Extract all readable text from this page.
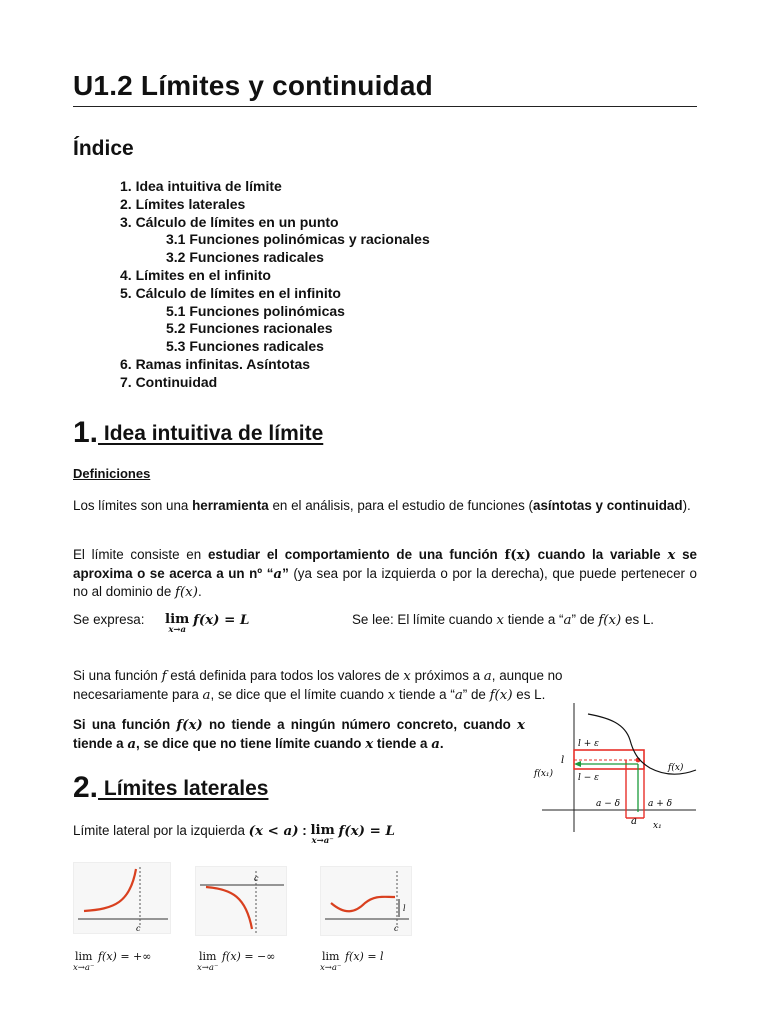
U1.2 Límites y continuidad
Índice
1. Idea intuitiva de límite
2. Límites laterales
3. Cálculo de límites en un punto
3.1 Funciones polinómicas y racionales
3.2 Funciones radicales
4. Límites en el infinito
5. Cálculo de límites en el infinito
5.1 Funciones polinómicas
5.2 Funciones racionales
5.3 Funciones radicales
6. Ramas infinitas. Asíntotas
7. Continuidad
1. Idea intuitiva de límite
Definiciones
Los límites son una herramienta en el análisis, para el estudio de funciones (asíntotas y continuidad).
El límite consiste en estudiar el comportamiento de una función f(x) cuando la variable x se aproxima o se acerca a un nº “a” (ya sea por la izquierda o por la derecha), que puede pertenecer o no al dominio de f(x).
Se expresa: lim
x→a
f(x) = L	Se lee: El límite cuando x tiende a “a” de f(x) es L.
Si una función f está definida para todos los valores de x próximos a a, aunque no necesariamente para a, se dice que el límite cuando x tiende a “a” de f(x) es L.
Si una función f(x) no tiende a ningún número concreto, cuando x tiende a a, se dice que no tiene límite cuando x tiende a a.	l + ε
l
l − ε
f(x₁)
f(x)
a − δ	a + δ
a x₁
2. Límites laterales
Límite lateral por la izquierda (x < a) : lim
x→a⁻
f(x) = L
c
c
l
c
lim
x→a⁻
f(x) = +∞	lim
x→a⁻
f(x) = −∞	lim
x→a⁻
f(x) = l
